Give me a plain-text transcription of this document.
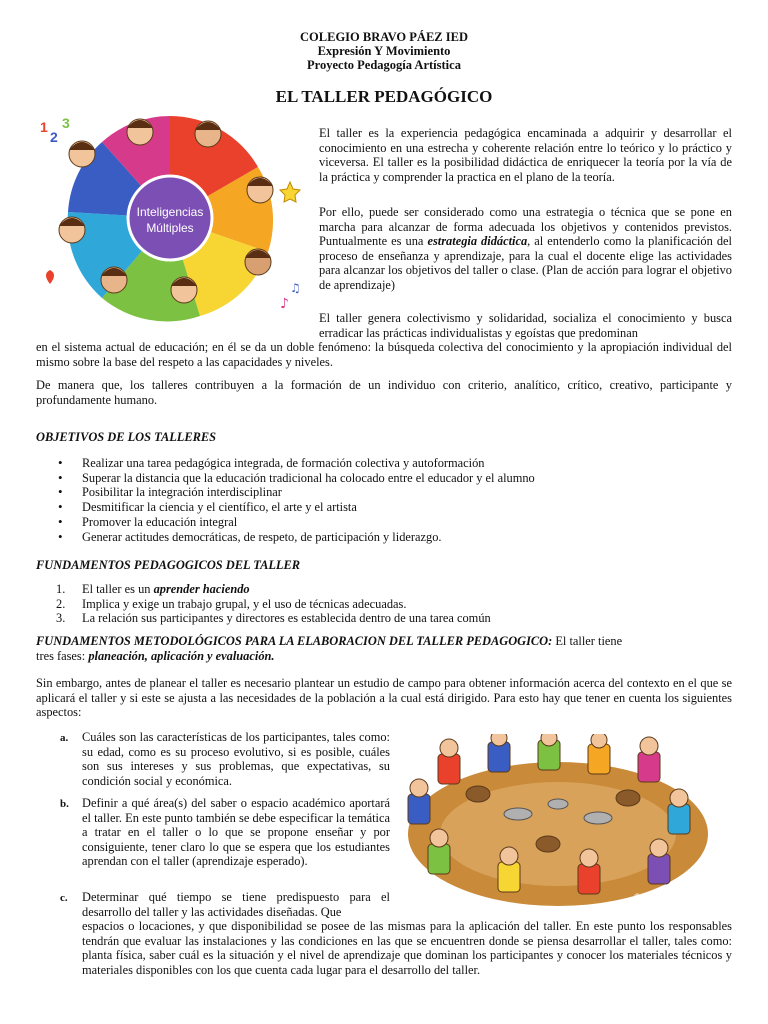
COLEGIO BRAVO PÁEZ IED
Expresión Y Movimiento
Proyecto Pedagogía Artística
EL TALLER PEDAGÓGICO
Inteligencias
Múltiples
1
2
3
♪
♫

El taller es la experiencia pedagógica encaminada a adquirir y desarrollar el conocimiento en una estrecha y coherente relación entre lo teórico y lo práctico y viceversa. El taller es la posibilidad didáctica de enriquecer la teoría por la vía de la práctica y comprender la practica en el plano de la teoría.

Por ello, puede ser considerado como una estrategia o técnica que se pone en marcha para alcanzar de forma adecuada los objetivos y contenidos previstos. Puntualmente es una estrategia didáctica, al entenderlo como la planificación del proceso de enseñanza y aprendizaje, para la cual el docente elige las actividades para alcanzar los objetivos del taller o clase. (Plan de acción para lograr el objetivo de aprendizaje)

El taller genera colectivismo y solidaridad, socializa el conocimiento y busca erradicar las prácticas individualistas y egoístas que predominan

en el sistema actual de educación; en él se da un doble fenómeno: la búsqueda colectiva del conocimiento y la apropiación individual del mismo sobre la base del respeto a las capacidades y niveles.

De manera que, los talleres contribuyen a la formación de un individuo con criterio, analítico, crítico, creativo, participante y profundamente humano.

OBJETIVOS DE LOS TALLERES
• Realizar una tarea pedagógica integrada, de formación colectiva y autoformación
• Superar la distancia que la educación tradicional ha colocado entre el educador y el alumno
• Posibilitar la integración interdisciplinar
• Desmitificar la ciencia y el científico, el arte y el artista
• Promover la educación integral
• Generar actitudes democráticas, de respeto, de participación y liderazgo.
FUNDAMENTOS PEDAGOGICOS DEL TALLER
1. El taller es un aprender haciendo
2. Implica y exige un trabajo grupal, y el uso de técnicas adecuadas.
3. La relación sus participantes y directores es establecida dentro de una tarea común

FUNDAMENTOS METODOLÓGICOS PARA LA ELABORACION DEL TALLER PEDAGOGICO: El taller tiene
tres fases: planeación, aplicación y evaluación.

Sin embargo, antes de planear el taller es necesario plantear un estudio de campo para obtener información acerca del contexto en el que se aplicará el taller y si este se ajusta a las necesidades de la población a la cual está dirigido. Para esto hay que tener en cuenta los siguientes aspectos:

a. Cuáles son las características de los participantes, tales como: su edad, como es su proceso evolutivo, si es posible, cuáles son sus intereses y sus problemas, que expectativas, su condición social y económica.

b. Definir a qué área(s) del saber o espacio académico aportará el taller. En este punto también se debe especificar la temática a tratar en el taller o lo que se propone enseñar y por consiguiente, tener claro lo que se espera que los estudiantes aprendan con el taller (aprendizaje esperado).

c. Determinar qué tiempo se tiene predispuesto para el desarrollo del taller y las actividades diseñadas. Que

espacios o locaciones, y que disponibilidad se posee de las mismas para la aplicación del taller. En este punto los responsables tendrán que evaluar las instalaciones y las condiciones en las que se encuentren donde se piensa desarrollar el taller, tales como: planta física, saber cuál es la situación y el nivel de aprendizaje que dominan los participantes y conocer los materiales técnicos y materiales disponibles con los que cuenta cada lugar para el desarrollo del taller.

©LaGRUA
